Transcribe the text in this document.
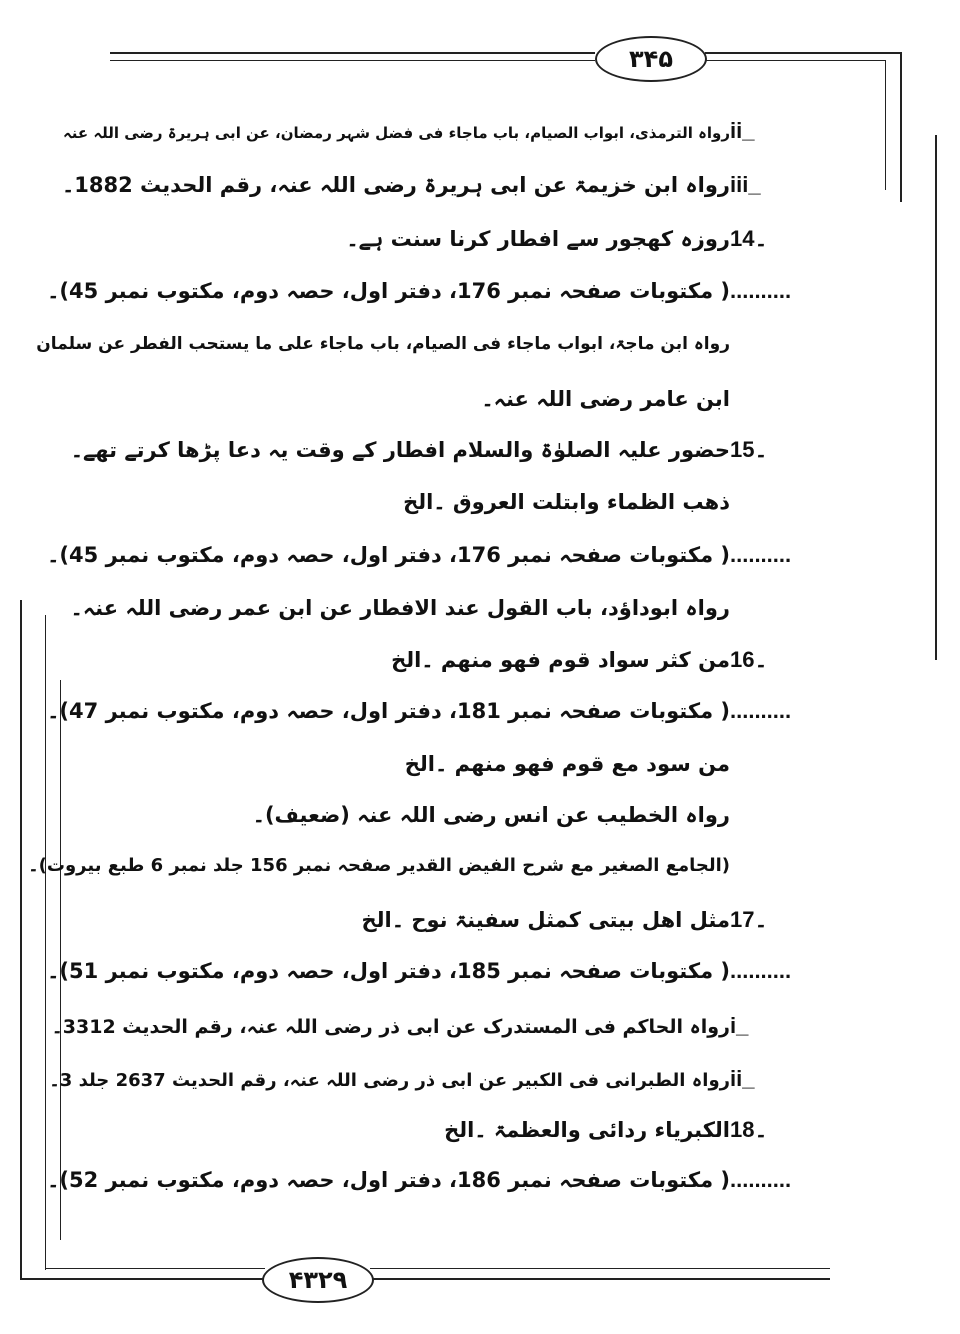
۳۴۵
۴۳۲۹
ii_
رواہ الترمذی، ابواب الصیام، باب ماجاء فی فضل شہر رمضان، عن ابی ہریرۃ رضی اللہ عنہ
iii_
رواہ ابن خزیمۃ عن ابی ہریرۃ رضی اللہ عنہ، رقم الحدیث 1882۔
14۔
روزہ کھجور سے افطار کرنا سنت ہے۔
..........
( مکتوبات صفحہ نمبر 176، دفتر اول، حصہ دوم، مکتوب نمبر 45)۔
رواہ ابن ماجۃ، ابواب ماجاء فی الصیام، باب ماجاء علی ما یستحب الفطر عن سلمان
ابن عامر رضی اللہ عنہ۔
15۔
حضور علیہ الصلوٰۃ والسلام افطار کے وقت یہ دعا پڑھا کرتے تھے۔
ذھب الظماء وابتلت العروق ۔الخ
..........
( مکتوبات صفحہ نمبر 176، دفتر اول، حصہ دوم، مکتوب نمبر 45)۔
رواہ ابوداؤد، باب القول عند الافطار عن ابن عمر رضی اللہ عنہ۔
16۔
من کثر سواد قوم فھو منھم ۔الخ
..........
( مکتوبات صفحہ نمبر 181، دفتر اول، حصہ دوم، مکتوب نمبر 47)۔
من سود مع قوم فھو منھم ۔الخ
رواہ الخطیب عن انس رضی اللہ عنہ (ضعیف)۔
(الجامع الصغیر مع شرح الفیض القدیر صفحہ نمبر 156 جلد نمبر 6 طبع بیروت)۔
17۔
مثل اھل بیتی کمثل سفینۃ نوح ۔الخ
..........
( مکتوبات صفحہ نمبر 185، دفتر اول، حصہ دوم، مکتوب نمبر 51)۔
i_
رواہ الحاکم فی المستدرک عن ابی ذر رضی اللہ عنہ، رقم الحدیث 3312۔
ii_
رواہ الطبرانی فی الکبیر عن ابی ذر رضی اللہ عنہ، رقم الحدیث 2637 جلد 3۔
18۔
الکبریاء ردائی والعظمۃ ۔الخ
..........
( مکتوبات صفحہ نمبر 186، دفتر اول، حصہ دوم، مکتوب نمبر 52)۔
